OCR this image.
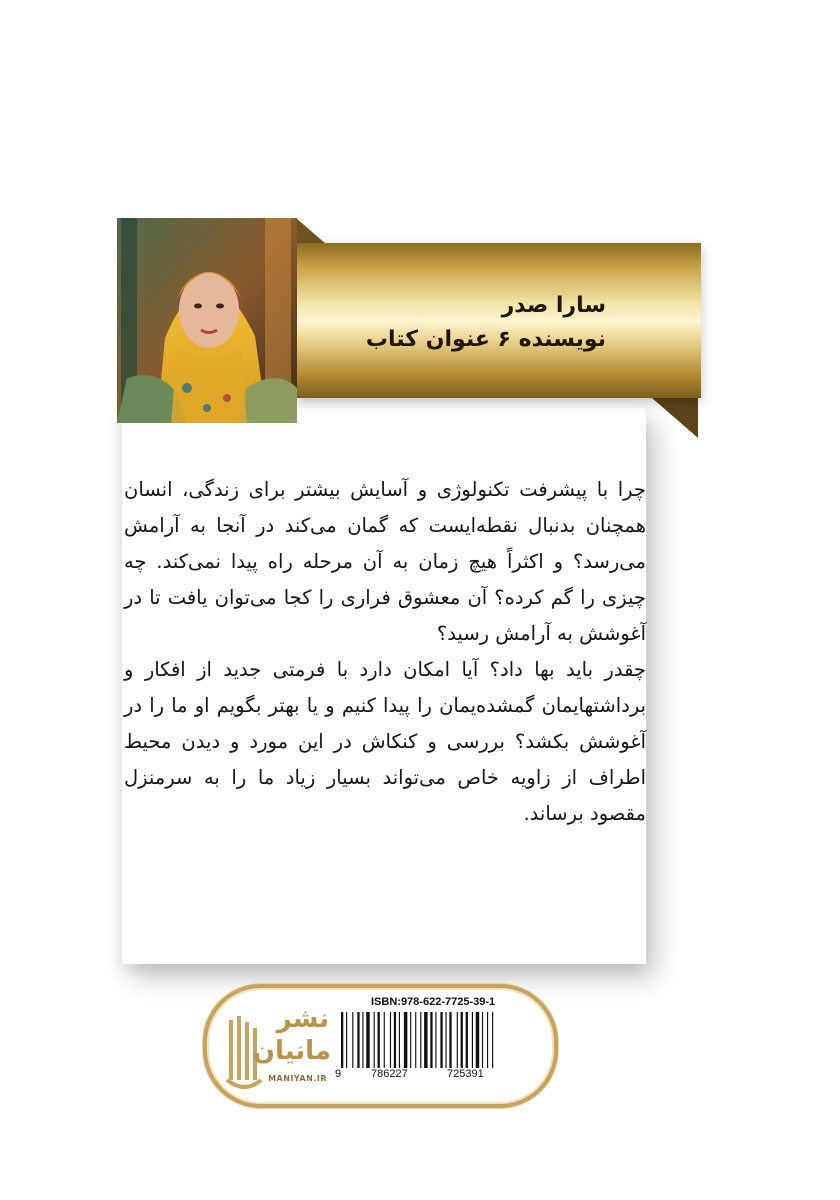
سارا صدر
نویسنده ۶ عنوان کتاب

چرا با پیشرفت تکنولوژی و آسایش بیشتر برای زندگی، انسان همچنان بدنبال نقطه‌ایست که گمان می‌کند در آنجا به آرامش می‌رسد؟ و اکثراً هیچ زمان به آن مرحله راه پیدا نمی‌کند. چه چیزی را گم کرده؟ آن معشوق فراری را کجا می‌توان یافت تا در آغوشش به آرامش رسید؟

چقدر باید بها داد؟ آیا امکان دارد با فرمتی جدید از افکار و برداشتهایمان گمشده‌یمان را پیدا کنیم و یا بهتر بگویم او ما را در آغوشش بکشد؟ بررسی و کنکاش در این مورد و دیدن محیط اطراف از زاویه خاص می‌تواند بسیار زیاد ما را به سرمنزل مقصود برساند.

نشر
مانیان
MANIYAN.IR
ISBN:978-622-7725-39-1
9	786227	725391
